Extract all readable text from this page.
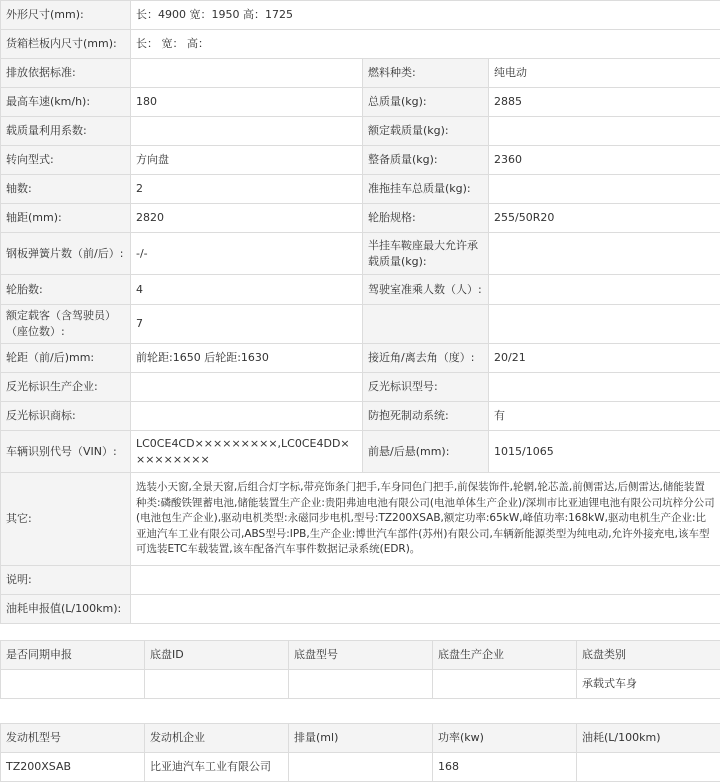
外形尺寸(mm):	长：4900 宽：1950 高：1725		
货箱栏板内尺寸(mm):	长： 宽： 高：		
排放依据标准:		燃料种类:	纯电动
最高车速(km/h):	180	总质量(kg):	2885
载质量利用系数:		额定载质量(kg):	
转向型式:	方向盘	整备质量(kg):	2360
轴数:	2	准拖挂车总质量(kg):	
轴距(mm):	2820	轮胎规格:	255/50R20
钢板弹簧片数（前/后）:	-/-	半挂车鞍座最大允许承载质量(kg):	
轮胎数:	4	驾驶室准乘人数（人）:	
额定载客（含驾驶员）（座位数）:	7		
轮距（前/后)mm:	前轮距:1650 后轮距:1630	接近角/离去角（度）:	20/21
反光标识生产企业:		反光标识型号:	
反光标识商标:		防抱死制动系统:	有
车辆识别代号（VIN）:	LC0CE4CD×××××××××,LC0CE4DD×××××××××	前悬/后悬(mm):	1015/1065
其它:	选装小天窗,全景天窗,后组合灯字标,带亮饰条门把手,车身同色门把手,前保装饰件,轮辋,轮芯盖,前侧雷达,后侧雷达,储能装置种类:磷酸铁锂蓄电池,储能装置生产企业:贵阳弗迪电池有限公司(电池单体生产企业)/深圳市比亚迪锂电池有限公司坑梓分公司(电池包生产企业),驱动电机类型:永磁同步电机,型号:TZ200XSAB,额定功率:65kW,峰值功率:168kW,驱动电机生产企业:比亚迪汽车工业有限公司,ABS型号:IPB,生产企业:博世汽车部件(苏州)有限公司,车辆新能源类型为纯电动,允许外接充电,该车型可选装ETC车载装置,该车配备汽车事件数据记录系统(EDR)。		
说明:			
油耗申报值(L/100km):			
是否同期申报	底盘ID	底盘型号	底盘生产企业	底盘类别
				承载式车身
发动机型号	发动机企业	排量(ml)	功率(kw)	油耗(L/100km)
TZ200XSAB	比亚迪汽车工业有限公司		168	
